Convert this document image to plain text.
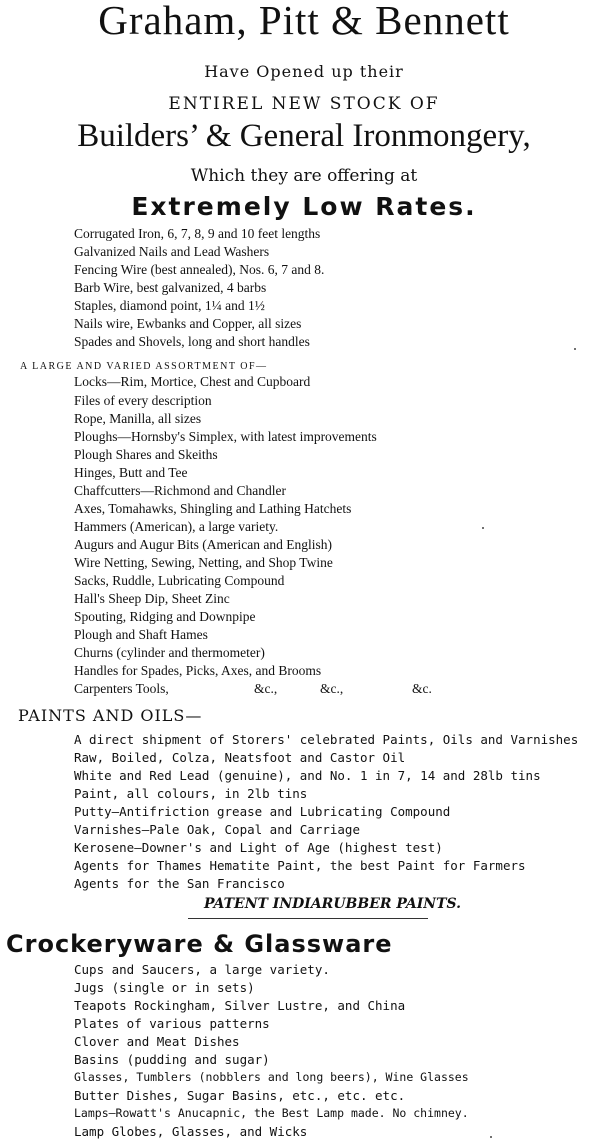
Graham, Pitt & Bennett
Have Opened up their
ENTIREL NEW STOCK OF
Builders’ & General Ironmongery,
Which they are offering at
Extremely Low Rates.
Corrugated Iron, 6, 7, 8, 9 and 10 feet lengths
Galvanized Nails and Lead Washers
Fencing Wire (best annealed), Nos. 6, 7 and 8.
Barb Wire, best galvanized, 4 barbs
Staples, diamond point, 1¼ and 1½
Nails wire, Ewbanks and Copper, all sizes
Spades and Shovels, long and short handles
A LARGE AND VARIED ASSORTMENT OF—
Locks—Rim, Mortice, Chest and Cupboard
Files of every description
Rope, Manilla, all sizes
Ploughs—Hornsby's Simplex, with latest improvements
Plough Shares and Skeiths
Hinges, Butt and Tee
Chaffcutters—Richmond and Chandler
Axes, Tomahawks, Shingling and Lathing Hatchets
Hammers (American), a large variety.
Augurs and Augur Bits (American and English)
Wire Netting, Sewing, Netting, and Shop Twine
Sacks, Ruddle, Lubricating Compound
Hall's Sheep Dip, Sheet Zinc
Spouting, Ridging and Downpipe
Plough and Shaft Hames
Churns (cylinder and thermometer)
Handles for Spades, Picks, Axes, and Brooms
Carpenters Tools,	&c.,	&c.,	&c.
PAINTS AND OILS—
A direct shipment of Storers' celebrated Paints, Oils and Varnishes
Raw, Boiled, Colza, Neatsfoot and Castor Oil
White and Red Lead (genuine), and No. 1 in 7, 14 and 28lb tins
Paint, all colours, in 2lb tins
Putty—Antifriction grease and Lubricating Compound
Varnishes—Pale Oak, Copal and Carriage
Kerosene—Downer's and Light of Age (highest test)
Agents for Thames Hematite Paint, the best Paint for Farmers
Agents for the San Francisco
PATENT INDIARUBBER PAINTS.
Crockeryware & Glassware
Cups and Saucers, a large variety.
Jugs (single or in sets)
Teapots Rockingham, Silver Lustre, and China
Plates of various patterns
Clover and Meat Dishes
Basins (pudding and sugar)
Glasses, Tumblers (nobblers and long beers), Wine Glasses
Butter Dishes, Sugar Basins, etc., etc. etc.
Lamps—Rowatt's Anucapnic, the Best Lamp made. No chimney.
Lamp Globes, Glasses, and Wicks
